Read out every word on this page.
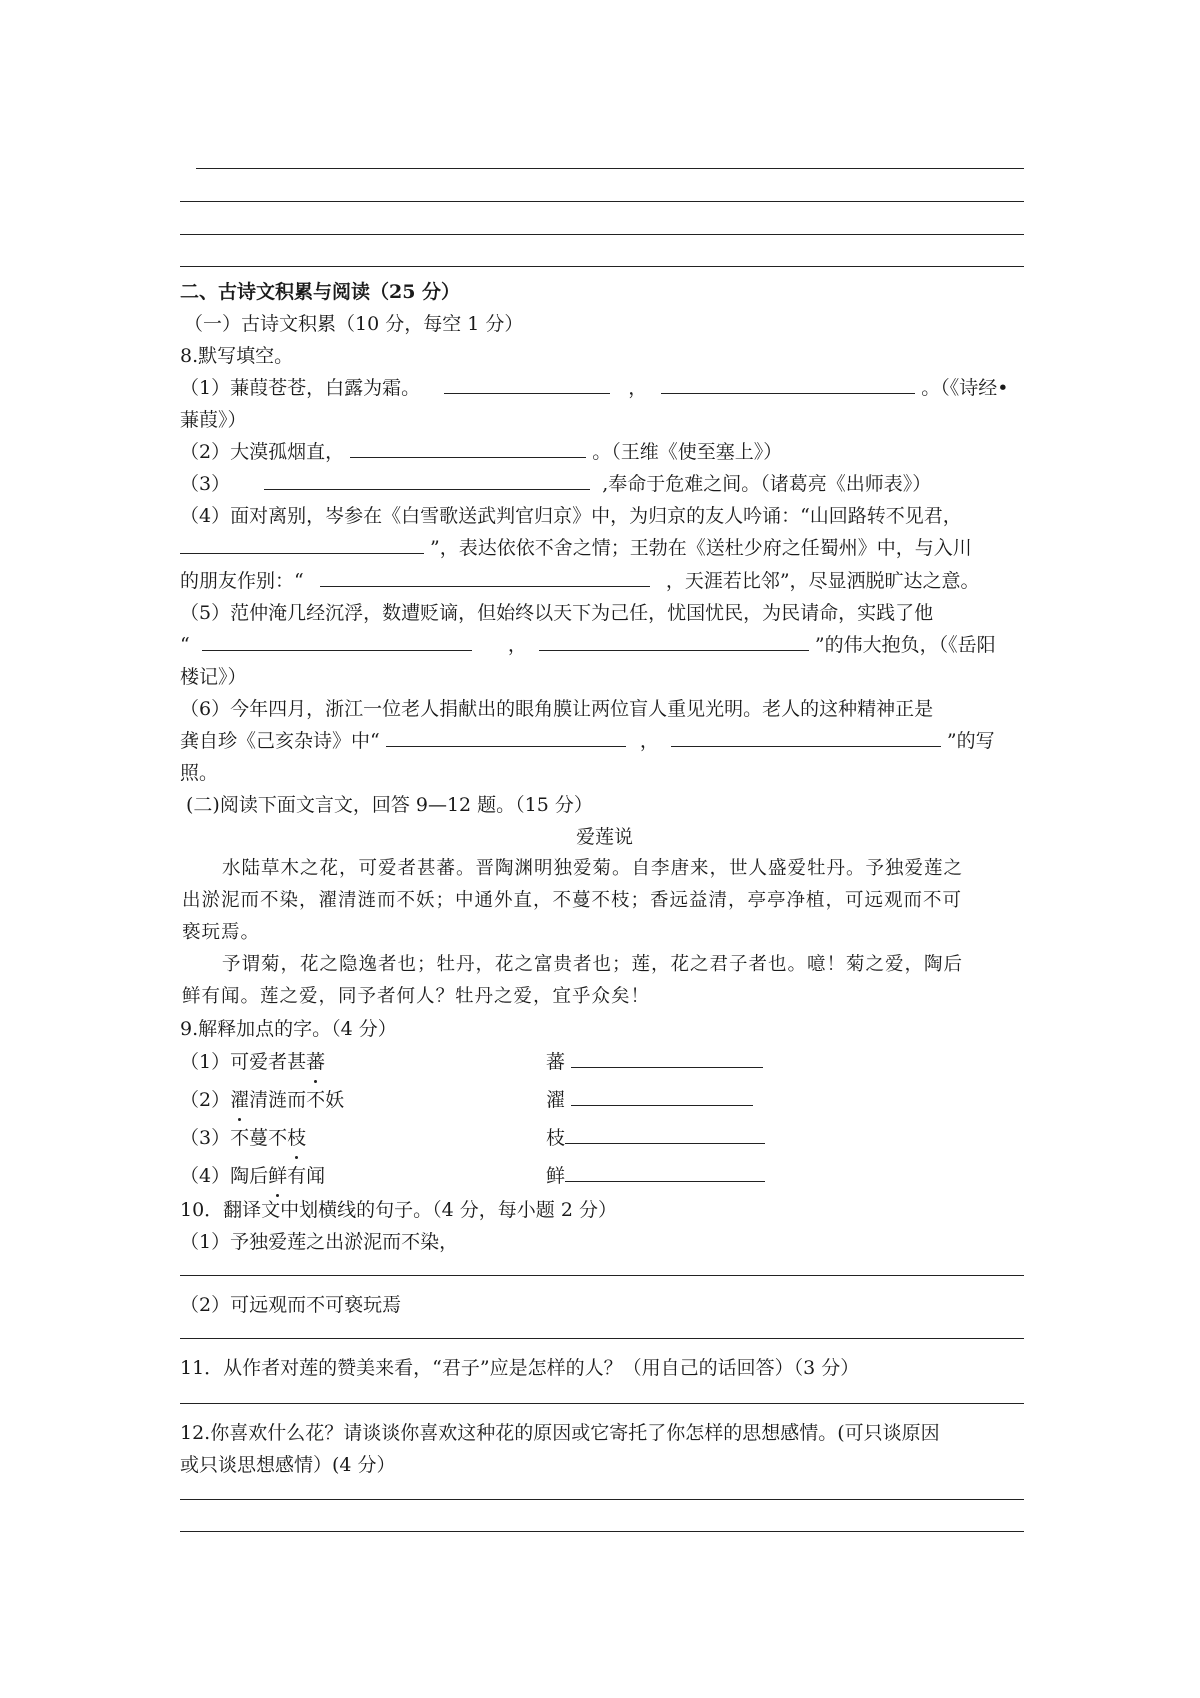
二、古诗文积累与阅读（25 分）
（一）古诗文积累（10 分，每空 1 分）
8.默写填空。
（1）蒹葭苍苍，白露为霜。	，	。（《诗经•
蒹葭》）
（2）大漠孤烟直，	。（王维《使至塞上》）
（3）	,奉命于危难之间。（诸葛亮《出师表》）
（4）面对离别，岑参在《白雪歌送武判官归京》中，为归京的友人吟诵：“山回路转不见君，
”，表达依依不舍之情；王勃在《送杜少府之任蜀州》中，与入川
的朋友作别：“	，天涯若比邻”，尽显洒脱旷达之意。
（5）范仲淹几经沉浮，数遭贬谪，但始终以天下为己任，忧国忧民，为民请命，实践了他
“	，	”的伟大抱负，（《岳阳
楼记》）
（6）今年四月，浙江一位老人捐献出的眼角膜让两位盲人重见光明。老人的这种精神正是
龚自珍《己亥杂诗》中“	，	”的写
照。
(二)阅读下面文言文，回答 9—12 题。（15 分）
爱莲说
水陆草木之花，可爱者甚蕃。晋陶渊明独爱菊。自李唐来，世人盛爱牡丹。予独爱莲之
出淤泥而不染，濯清涟而不妖；中通外直，不蔓不枝；香远益清，亭亭净植，可远观而不可
亵玩焉。
予谓菊，花之隐逸者也；牡丹，花之富贵者也；莲，花之君子者也。噫！菊之爱，陶后
鲜有闻。莲之爱，同予者何人？牡丹之爱，宜乎众矣！
9.解释加点的字。（4 分）
（1）可爱者甚蕃	蕃
（2）濯清涟而不妖	濯
（3）不蔓不枝	枝
（4）陶后鲜有闻	鲜
10．翻译文中划横线的句子。（4 分，每小题 2 分）
（1）予独爱莲之出淤泥而不染，
（2）可远观而不可亵玩焉
11．从作者对莲的赞美来看，“君子”应是怎样的人？（用自己的话回答）（3 分）
12.你喜欢什么花？请谈谈你喜欢这种花的原因或它寄托了你怎样的思想感情。(可只谈原因
或只谈思想感情）(4 分）
